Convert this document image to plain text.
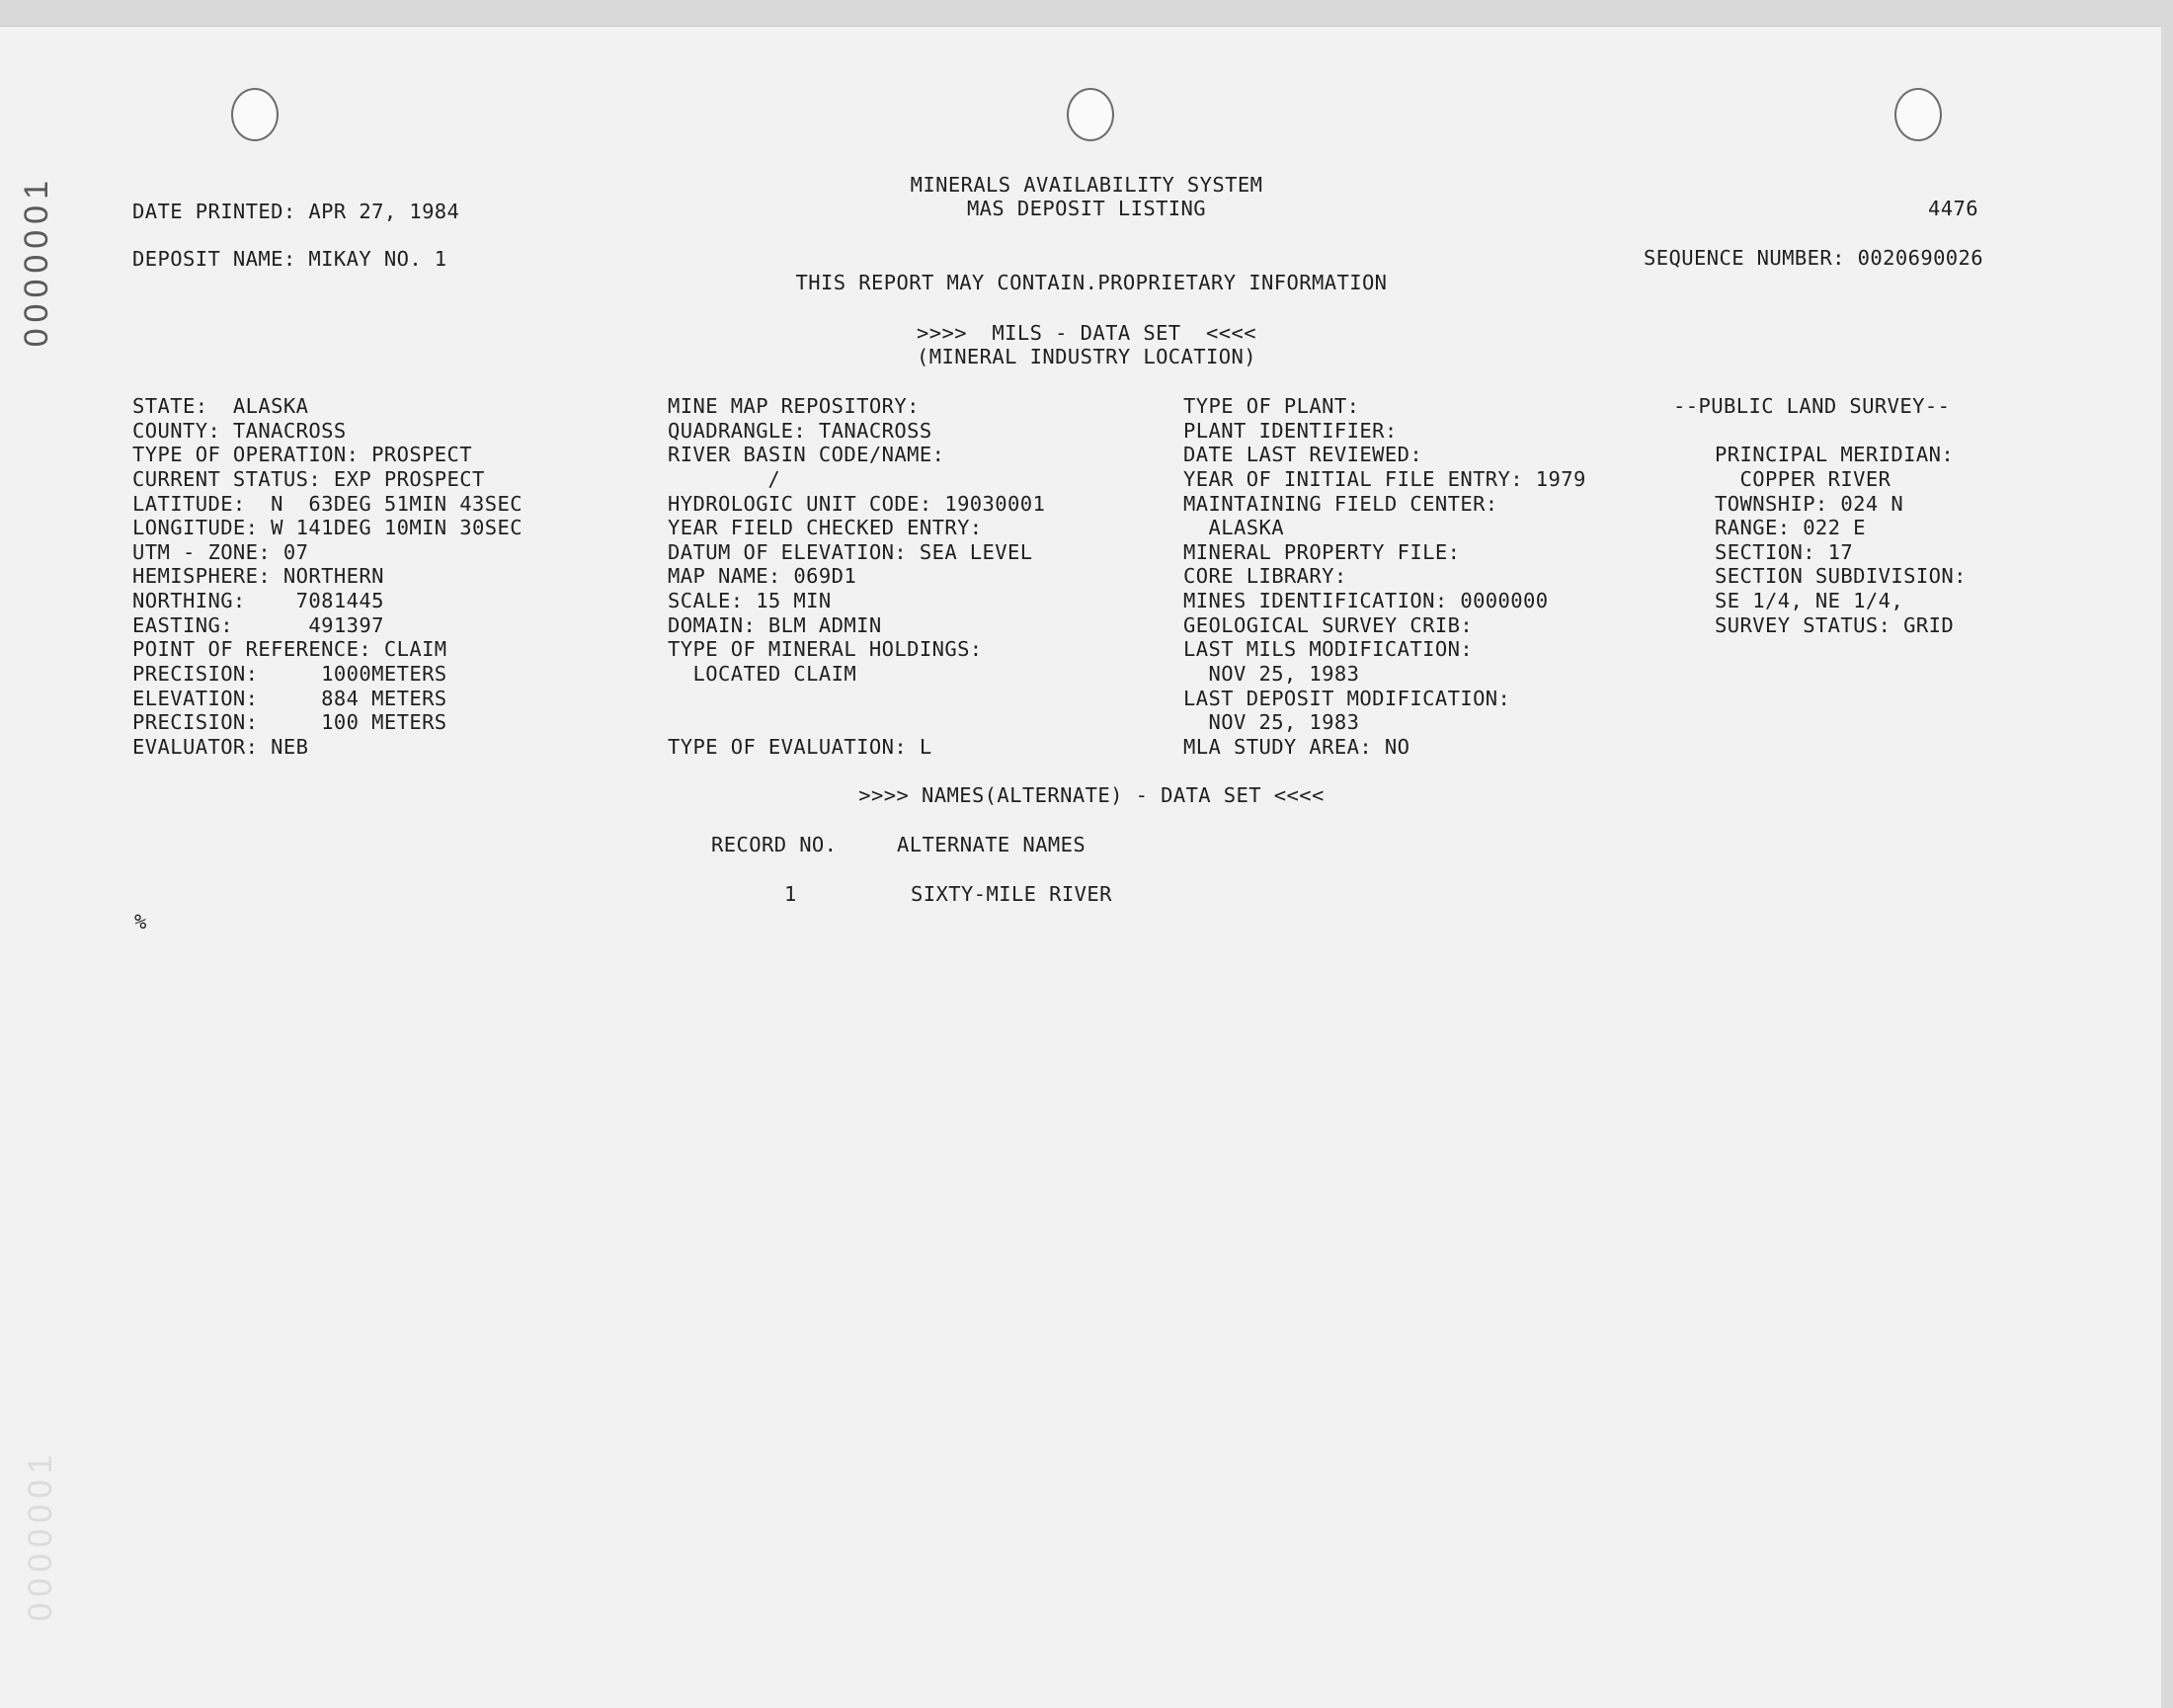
0000001
0000001
MINERALS AVAILABILITY SYSTEM
MAS DEPOSIT LISTING
DATE PRINTED: APR 27, 1984	4476
DEPOSIT NAME: MIKAY NO. 1	SEQUENCE NUMBER: 0020690026
THIS REPORT MAY CONTAIN.PROPRIETARY INFORMATION
>>>>  MILS - DATA SET  <<<<
(MINERAL INDUSTRY LOCATION)
STATE:  ALASKA
COUNTY: TANACROSS
TYPE OF OPERATION: PROSPECT
CURRENT STATUS: EXP PROSPECT
LATITUDE:  N  63DEG 51MIN 43SEC
LONGITUDE: W 141DEG 10MIN 30SEC
UTM - ZONE: 07
HEMISPHERE: NORTHERN
NORTHING:    7081445
EASTING:      491397
POINT OF REFERENCE: CLAIM
PRECISION:     1000METERS
ELEVATION:     884 METERS
PRECISION:     100 METERS
EVALUATOR: NEB
MINE MAP REPOSITORY:
QUADRANGLE: TANACROSS
RIVER BASIN CODE/NAME:
/
HYDROLOGIC UNIT CODE: 19030001
YEAR FIELD CHECKED ENTRY:
DATUM OF ELEVATION: SEA LEVEL
MAP NAME: 069D1
SCALE: 15 MIN
DOMAIN: BLM ADMIN
TYPE OF MINERAL HOLDINGS:
LOCATED CLAIM
TYPE OF EVALUATION: L
TYPE OF PLANT:
PLANT IDENTIFIER:
DATE LAST REVIEWED:
YEAR OF INITIAL FILE ENTRY: 1979
MAINTAINING FIELD CENTER:
ALASKA
MINERAL PROPERTY FILE:
CORE LIBRARY:
MINES IDENTIFICATION: 0000000
GEOLOGICAL SURVEY CRIB:
LAST MILS MODIFICATION:
NOV 25, 1983
LAST DEPOSIT MODIFICATION:
NOV 25, 1983
MLA STUDY AREA: NO
--PUBLIC LAND SURVEY--
PRINCIPAL MERIDIAN:
COPPER RIVER
TOWNSHIP: 024 N
RANGE: 022 E
SECTION: 17
SECTION SUBDIVISION:
SE 1/4, NE 1/4,
SURVEY STATUS: GRID
>>>> NAMES(ALTERNATE) - DATA SET <<<<
RECORD NO.	ALTERNATE NAMES
1	SIXTY-MILE RIVER
%
